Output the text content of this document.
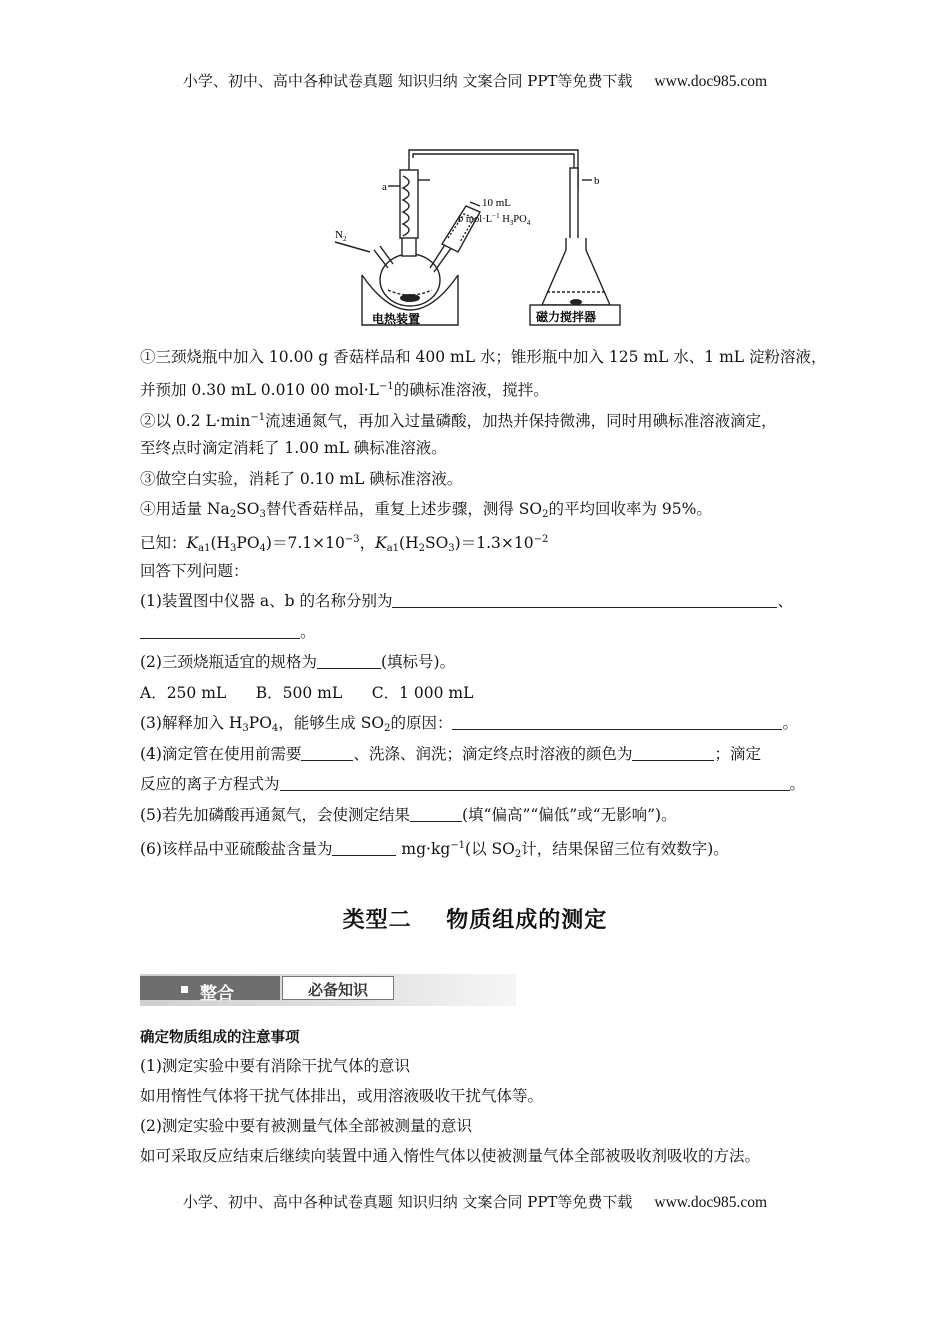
小学、初中、高中各种试卷真题 知识归纳 文案合同 PPT等免费下载 www.doc985.com
a	b
$N_2$
10 mL
b $mol\cdot L^{-1}$ $H_3PO_4$
电热装置	磁力搅拌器
①三颈烧瓶中加入 10.00 g 香菇样品和 400 mL 水；锥形瓶中加入 125 mL 水、1 mL 淀粉溶液，
并预加 0.30 mL 0.010 00 $mol\cdot L^{-1}$的碘标准溶液，搅拌。
②以 0.2 $L\cdot\min^{-1}$流速通氮气，再加入过量磷酸，加热并保持微沸，同时用碘标准溶液滴定，
至终点时滴定消耗了 1.00 mL 碘标准溶液。
③做空白实验，消耗了 0.10 mL 碘标准溶液。
④用适量 $Na_2SO_3$替代香菇样品，重复上述步骤，测得 $SO_2$的平均回收率为 95%。
已知：$K_{a1}(H_3PO_4)=7.1\times 10^{-3}$，$K_{a1}(H_2SO_3)=1.3\times 10^{-2}$
回答下列问题：
(1)装置图中仪器 a、b 的名称分别为	、
。
(2)三颈烧瓶适宜的规格为	(填标号)。
A．250 mL      B．500 mL      C．1 000 mL
(3)解释加入 $H_3PO_4$，能够生成 $SO_2$的原因：	。
(4)滴定管在使用前需要	、洗涤、润洗；滴定终点时溶液的颜色为	；滴定
反应的离子方程式为	。
(5)若先加磷酸再通氮气，会使测定结果	(填“偏高”“偏低”或“无影响”)。
(6)该样品中亚硫酸盐含量为	$mg\cdot kg^{-1}$(以 $SO_2$计，结果保留三位有效数字)。
类型二    物质组成的测定
整合	必备知识
确定物质组成的注意事项
(1)测定实验中要有消除干扰气体的意识
如用惰性气体将干扰气体排出，或用溶液吸收干扰气体等。
(2)测定实验中要有被测量气体全部被测量的意识
如可采取反应结束后继续向装置中通入惰性气体以使被测量气体全部被吸收剂吸收的方法。
小学、初中、高中各种试卷真题 知识归纳 文案合同 PPT等免费下载 www.doc985.com
